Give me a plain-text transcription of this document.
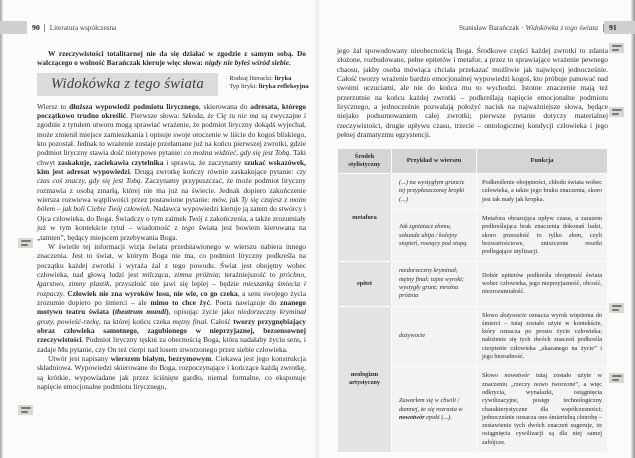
90	Literatura współczesna	Stanisław Barańczak · Widokówka z tego świata	91

W rzeczywistości totalitarnej nie da się działać w zgodzie z samym sobą. Do walczącego o wolność Barańczak kieruje więc słowa: nigdy nie byłeś wśród siebie.

Widokówka z tego świata	· Rodzaj literacki: liryka
· Typ liryki: liryka refleksyjna

Wiersz to dłuższa wypowiedź podmiotu lirycznego, skierowana do adresata, którego początkowo trudno określić. Pierwsze słowa: Szkoda, że Cię tu nie ma są zwyczajne i zgodnie z tytułem utworu mogą sprawiać wrażenie, że podmiot liryczny dokądś wyjechał, może zmienił miejsce zamieszkania i opisuje swoje otoczenie w liście do kogoś bliskiego, kto pozostał. Jednak to wrażenie zostaje przełamane już na końcu pierwszej zwrotki, gdzie podmiot liryczny stawia dość nietypowe pytanie: co można widzieć, gdy się jest Tobą. Taki chwyt zaskakuje, zaciekawia czytelnika i sprawia, że zaczynamy szukać wskazówek, kim jest adresat wypowiedzi. Drugą zwrotkę kończy równie zaskakujące pytanie: czy czas coś znaczy, gdy się jest Tobą. Zaczynamy przypuszczać, że może podmiot liryczny rozmawia z osobą zmarłą, której nie ma już na świecie. Jednak dopiero zakończenie wiersza rozwiewa wątpliwości przez postawione pytanie: mów, jak Ty się czujesz z moim bólem – jak boli Ciebie Twój człowiek. Nadawca wypowiedzi kieruje ją zatem do stwórcy i Ojca człowieka, do Boga. Świadczy o tym zaimek Twój z zakończenia, a także zrozumiały już w tym kontekście tytuł – wiadomość z tego świata jest bowiem kierowana na „tamten”, będący miejscem przebywania Boga.

W świetle tej informacji wizja świata przedstawionego w wierszu nabiera innego znaczenia. Jest to świat, w którym Boga nie ma, co podmiot liryczny podkreśla na początku każdej zwrotki i wyraża żal z tego powodu. Świat jest obojętny wobec człowieka, nad głową ludzi jest milcząca, zimna próżnia; teraźniejszość to próchno, łgarstwo, zimny plastik, przyszłość nie jawi się lepiej – będzie mieszanką śmiecia i rozpaczy. Człowiek nie zna wyroków losu, nie wie, co go czeka, a sens swojego życia zrozumie dopiero po śmierci – ale mimo to chce żyć. Poeta nawiązuje do znanego motywu teatru świata (theatrum mundi), opisując życie jako niedorzeczny kryminał grozy, powieść-rzekę, na której końcu czeka mętny finał. Całość tworzy przygnębiający obraz człowieka samotnego, zagubionego w nieprzyjaznej, bezsensownej rzeczywistości. Podmiot liryczny tęskni za obecnością Boga, która nadałaby życiu sens, i zadaje Mu pytanie, czy On też cierpi nad losem stworzonego przez siebie człowieka.

Utwór jest napisany wierszem białym, bezrymowym. Ciekawa jest jego konstrukcja składniowa. Wypowiedzi skierowane do Boga, rozpoczynające i kończące każdą zwrotkę, są krótkie, wypowiadane jak przez ściśnięte gardło, niemal formalne, co eksponuje napięcie emocjonalne podmiotu lirycznego,

jego żal spowodowany nieobecnością Boga. Środkowe części każdej zwrotki to zdania złożone, rozbudowane, pełne epitetów i metafor, a przez to sprawiające wrażenie pewnego chaosu, jakby osoba mówiąca chciała przekazać możliwie jak najwięcej jednocześnie. Całość tworzy wrażenie bardzo emocjonalnej wypowiedzi kogoś, kto próbuje panować nad swoimi uczuciami, ale nie do końca mu to wychodzi. Istotne znaczenie mają też przerzutnie na końcu każdej zwrotki – podkreślają napięcie emocjonalne podmiotu lirycznego, a jednocześnie pozwalają położyć nacisk na najważniejsze słowa, będące niejako podsumowaniem całej zwrotki; pierwsze pytanie dotyczy materialnej rzeczywistości, drugie upływu czasu, trzecie – ontologicznej kondycji człowieka i jego pełnej dramatyzmu egzystencji.

Środek stylistyczny	Przykład w wierszu	Funkcja
metafora	(...) na wystygłym gruncie tej przypłaszczonej kropki (...)	Podkreślenie obojętności, chłodu świata wobec człowieka, a także jego braku znaczenia, skoro jest tak mały jak kropka.
	Jak zgniatacz złomu, sekunda ubija / kolejny stopień, rosnący pod stopą.	Metafora obrazująca upływ czasu, a zarazem podkreślająca brak znaczenia dokonań ludzi, skoro przeszłość to tylko złom, czyli bezwartościowe, zniszczone resztki podlegające utylizacji.
epitet	niedorzeczny kryminał; mętny finał; tajne wyroki; wystygły grunt; mroźna próżnia	Dobór epitetów podkreśla obojętność świata wobec człowieka, jego nieprzyjazność, obcość, niezrozumiałość.
neologizm artystyczny	dożywocie	Słowo dożywocie oznacza wyrok więzienia do śmierci – tutaj zostało użyte w kontekście, który oznacza po prostu życie człowieka; nałożenie się tych dwóch znaczeń podkreśla cierpienie człowieka „skazanego na życie” i jego bezradność.
	Zawarłem się w chwili / dumnej, że się rozrasta w nowotwór epoki (...).	Słowo nowotwór tutaj zostało użyte w znaczeniu „rzeczy nowo tworzone”, a więc odkrycia, wynalazki, osiągnięcia cywilizacyjne, postęp technologiczny charakterystyczne dla współczesności; jednocześnie oznacza ono śmiertelną chorobę – zestawienie tych dwóch znaczeń sugeruje, że osiągnięcia cywilizacji są dla niej samej zabójcze.
